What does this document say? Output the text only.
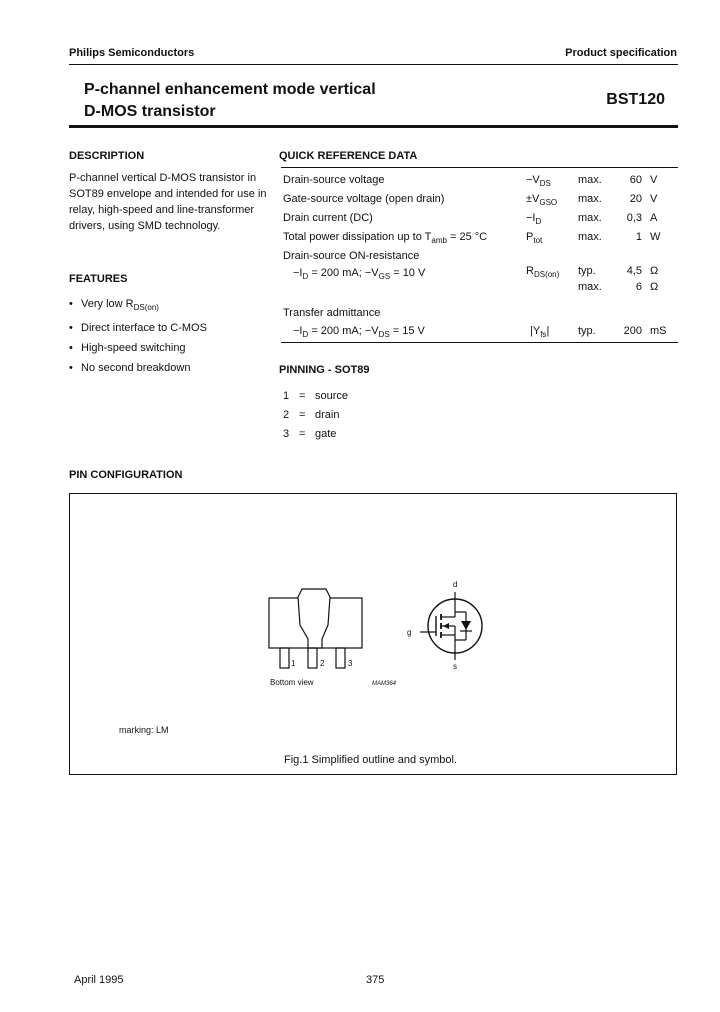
Philips Semiconductors	Product specification
P-channel enhancement mode vertical
D-MOS transistor
BST120
DESCRIPTION
P-channel vertical D-MOS transistor in SOT89 envelope and intended for use in relay, high-speed and line-transformer drivers, using SMD technology.
FEATURES
• Very low $R_{DS(on)}$
• Direct interface to C-MOS
• High-speed switching
• No second breakdown
QUICK REFERENCE DATA
Drain-source voltage	$-V_{DS}$ max.	60 V
Gate-source voltage (open drain)	$\pm V_{GSO}$ max.	20 V
Drain current (DC)	$-I_D$	max.	0,3 A
Total power dissipation up to $T_{amb} = 25$ °C	$P_{tot}$	max.	1 W
Drain-source ON-resistance
$-I_D = 200$ mA; $-V_{GS} = 10$ V	$R_{DS(on)}$ typ.	4,5 Ω
max.	6 Ω
Transfer admittance
$-I_D = 200$ mA; $-V_{DS} = 15$ V	$|Y_{fs}|$	typ.	200 mS
PINNING - SOT89
1 = source
2 = drain
3 = gate
PIN CONFIGURATION
1	2	3
Bottom view	MAM364
d
g
s
marking: LM
Fig.1 Simplified outline and symbol.
April 1995	375
